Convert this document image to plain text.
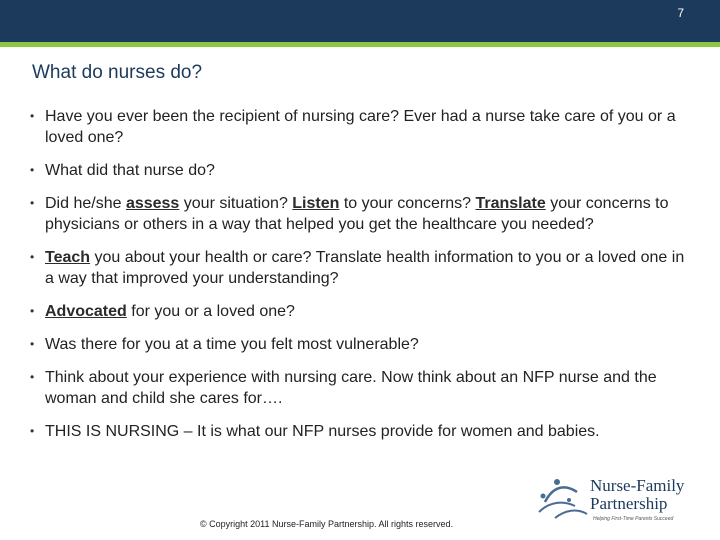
7
What do nurses do?
• Have you ever been the recipient of nursing care? Ever had a nurse take care of you or a loved one?
• What did that nurse do?
• Did he/she assess your situation? Listen to your concerns? Translate your concerns to physicians or others in a way that helped you get the healthcare you needed?
• Teach you about your health or care? Translate health information to you or a loved one in a way that improved your understanding?
• Advocated for you or a loved one?
• Was there for you at a time you felt most vulnerable?
• Think about your experience with nursing care. Now think about an NFP nurse and the woman and child she cares for….
• THIS IS NURSING – It is what our NFP nurses provide for women and babies.
© Copyright 2011 Nurse-Family Partnership. All rights reserved.
Nurse-Family
Partnership
Helping First-Time Parents Succeed
